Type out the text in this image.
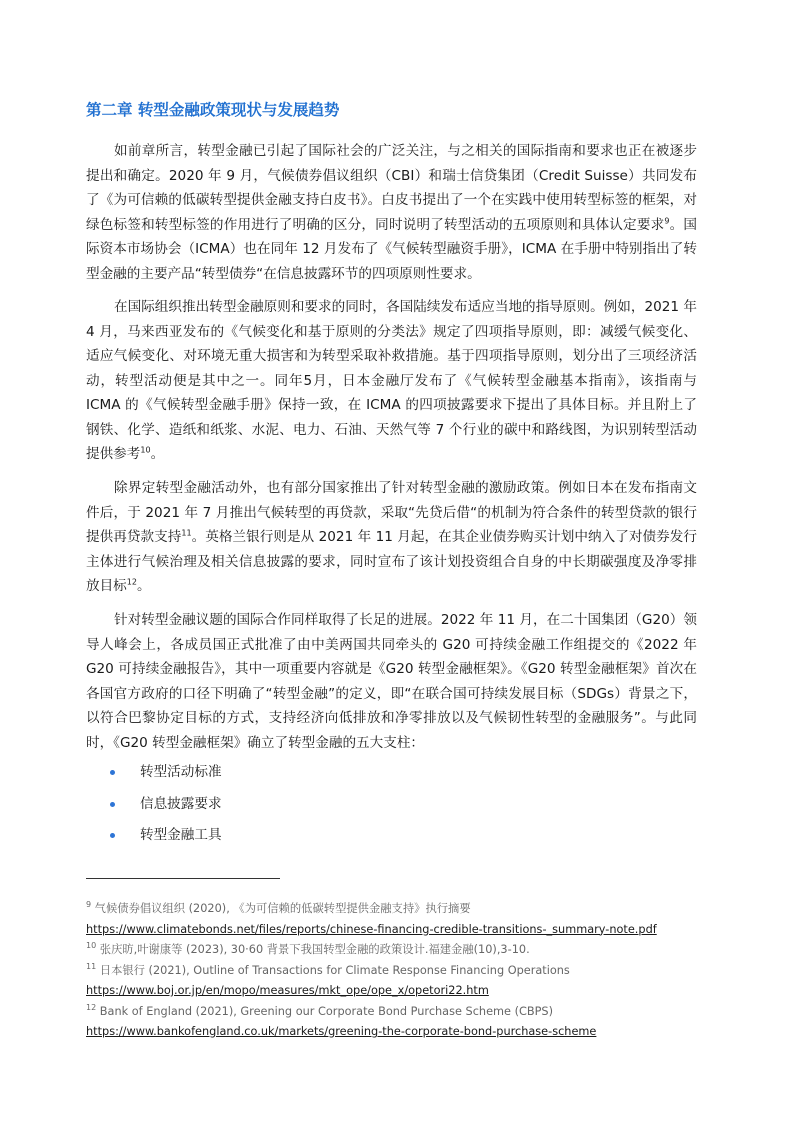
第二章 转型金融政策现状与发展趋势

如前章所言，转型金融已引起了国际社会的广泛关注，与之相关的国际指南和要求也正在被逐步提出和确定。2020 年 9 月，气候债券倡议组织（CBI）和瑞士信贷集团（Credit Suisse）共同发布了《为可信赖的低碳转型提供金融支持白皮书》。白皮书提出了一个在实践中使用转型标签的框架，对绿色标签和转型标签的作用进行了明确的区分，同时说明了转型活动的五项原则和具体认定要求$^9$。国际资本市场协会（ICMA）也在同年 12 月发布了《气候转型融资手册》，ICMA 在手册中特别指出了转型金融的主要产品“转型债券“在信息披露环节的四项原则性要求。

在国际组织推出转型金融原则和要求的同时，各国陆续发布适应当地的指导原则。例如，2021 年 4 月，马来西亚发布的《气候变化和基于原则的分类法》规定了四项指导原则，即：减缓气候变化、适应气候变化、对环境无重大损害和为转型采取补救措施。基于四项指导原则，划分出了三项经济活动，转型活动便是其中之一。同年5月，日本金融厅发布了《气候转型金融基本指南》，该指南与 ICMA 的《气候转型金融手册》保持一致，在 ICMA 的四项披露要求下提出了具体目标。并且附上了钢铁、化学、造纸和纸浆、水泥、电力、石油、天然气等 7 个行业的碳中和路线图，为识别转型活动提供参考$^{10}$。

除界定转型金融活动外，也有部分国家推出了针对转型金融的激励政策。例如日本在发布指南文件后，于 2021 年 7 月推出气候转型的再贷款，采取“先贷后借“的机制为符合条件的转型贷款的银行提供再贷款支持$^{11}$。英格兰银行则是从 2021 年 11 月起，在其企业债券购买计划中纳入了对债券发行主体进行气候治理及相关信息披露的要求，同时宣布了该计划投资组合自身的中长期碳强度及净零排放目标$^{12}$。

针对转型金融议题的国际合作同样取得了长足的进展。2022 年 11 月，在二十国集团（G20）领导人峰会上，各成员国正式批准了由中美两国共同牵头的 G20 可持续金融工作组提交的《2022 年 G20 可持续金融报告》，其中一项重要内容就是《G20 转型金融框架》。《G20 转型金融框架》首次在各国官方政府的口径下明确了“转型金融”的定义，即“在联合国可持续发展目标（SDGs）背景之下，以符合巴黎协定目标的方式，支持经济向低排放和净零排放以及气候韧性转型的金融服务”。与此同时，《G20 转型金融框架》确立了转型金融的五大支柱：

转型活动标准
信息披露要求
转型金融工具
$^9$ 气候债券倡议组织 (2020), 《为可信赖的低碳转型提供金融支持》执行摘要
https://www.climatebonds.net/files/reports/chinese-financing-credible-transitions-_summary-note.pdf
$^{10}$ 张庆昉,叶谢康等 (2023), 30·60 背景下我国转型金融的政策设计.福建金融(10),3-10.
$^{11}$ 日本银行 (2021), Outline of Transactions for Climate Response Financing Operations
https://www.boj.or.jp/en/mopo/measures/mkt_ope/ope_x/opetori22.htm
$^{12}$ Bank of England (2021), Greening our Corporate Bond Purchase Scheme (CBPS)
https://www.bankofengland.co.uk/markets/greening-the-corporate-bond-purchase-scheme
